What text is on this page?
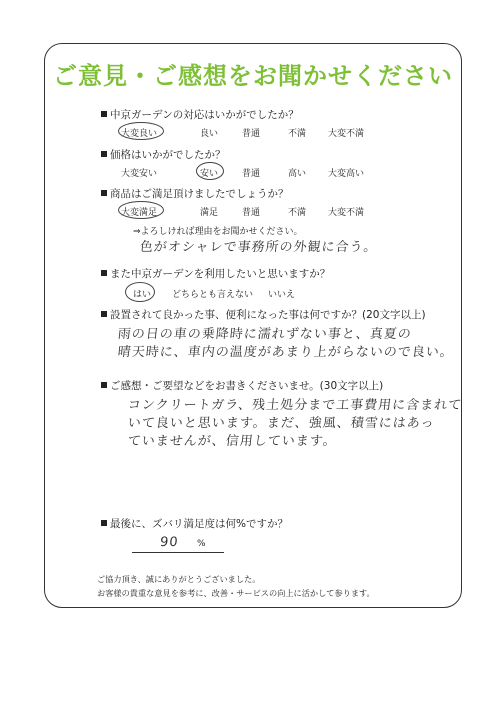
ご意見・ご感想をお聞かせください
中京ガーデンの対応はいかがでしたか？
大変良い	良い	普通	不満 大変不満
価格はいかがでしたか？
大変安い	安い	普通	高い 大変高い
商品はご満足頂けましたでしょうか？
大変満足	満足	普通	不満 大変不満
⇒よろしければ理由をお聞かせください。
色がオシャレで事務所の外観に合う。
また中京ガーデンを利用したいと思いますか？
はい どちらとも言えない いいえ
設置されて良かった事、便利になった事は何ですか？(20文字以上)
雨の日の車の乗降時に濡れずない事と、真夏の
晴天時に、車内の温度があまり上がらないので良い。
ご感想・ご要望などをお書きくださいませ。(30文字以上)
コンクリートガラ、残土処分まで工事費用に含まれて
いて良いと思います。まだ、強風、積雪にはあっ
ていませんが、信用しています。
最後に、ズバリ満足度は何%ですか？
90 %
ご協力頂き、誠にありがとうございました。
お客様の貴重な意見を参考に、改善・サービスの向上に活かして参ります。
